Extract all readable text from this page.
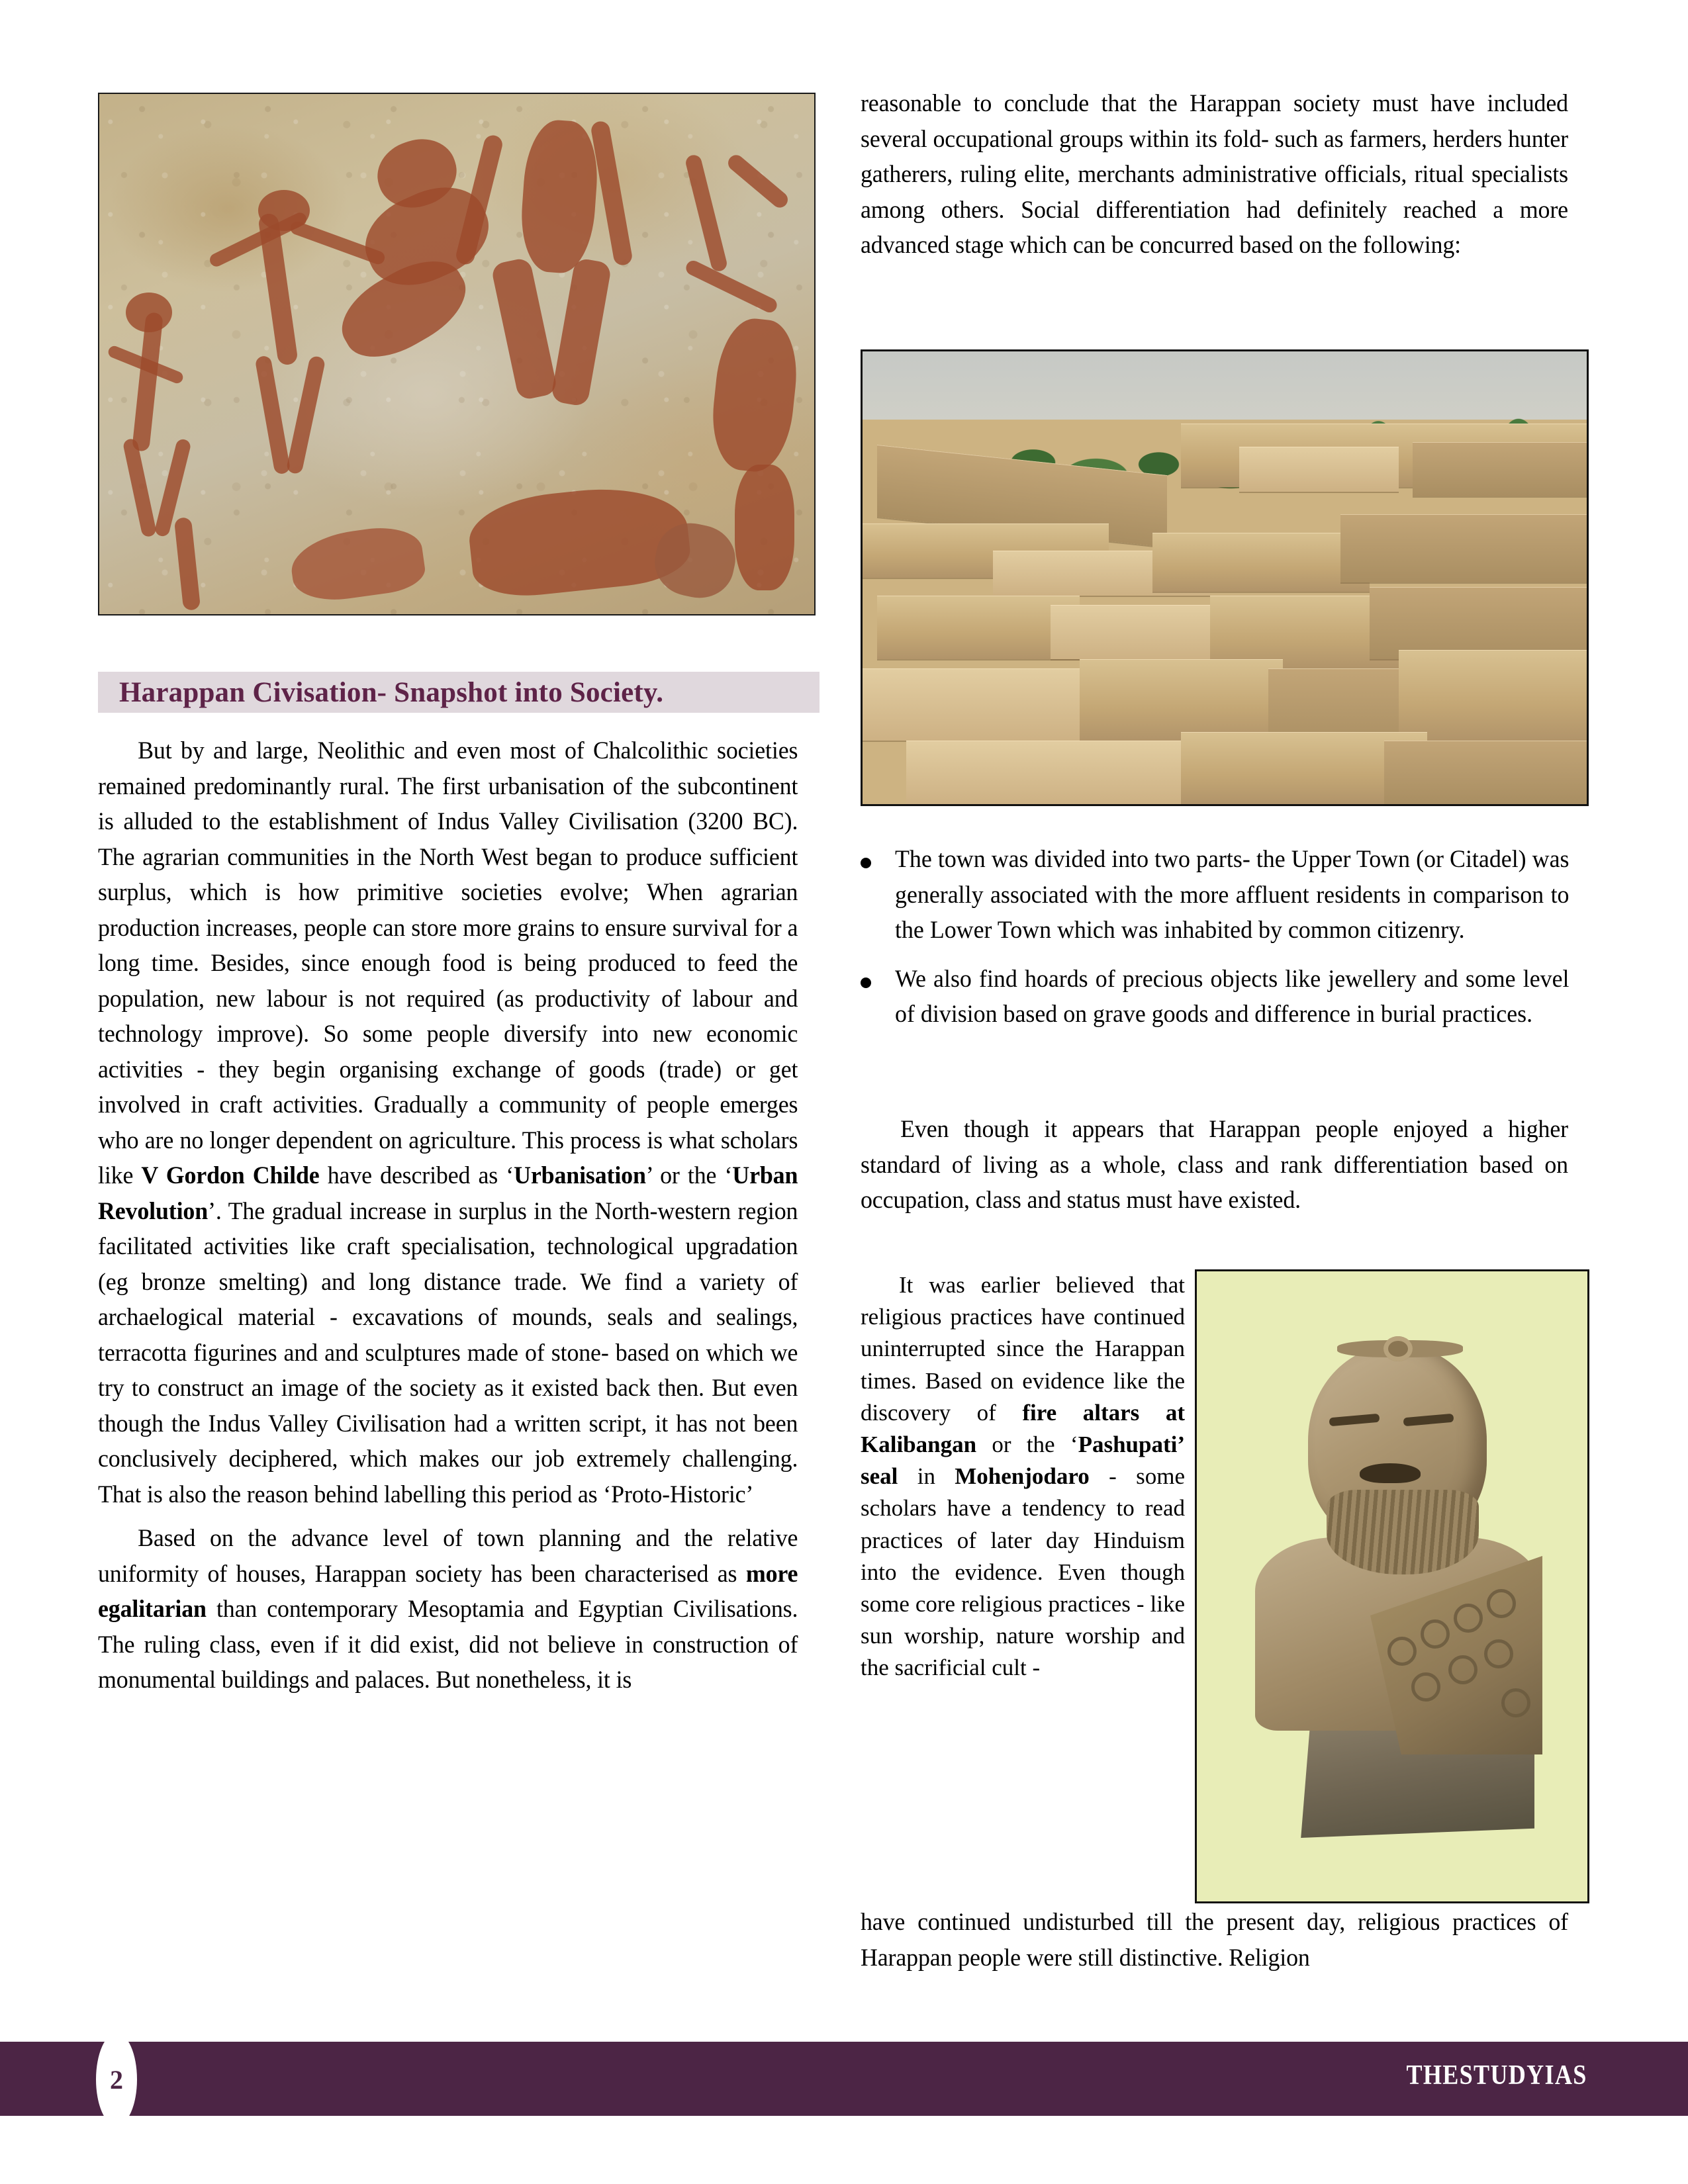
Harappan Civisation- Snapshot into Society.

But by and large, Neolithic and even most of Chalcolithic societies remained predominantly rural. The first urbanisation of the subcontinent is alluded to the establishment of Indus Valley Civilisation (3200 BC). The agrarian communities in the North West began to produce sufficient surplus, which is how primitive societies evolve; When agrarian production increases, people can store more grains to ensure survival for a long time. Besides, since enough food is being produced to feed the population, new labour is not required (as productivity of labour and technology improve). So some people diversify into new economic activities - they begin organising exchange of goods (trade) or get involved in craft activities. Gradually a community of people emerges who are no longer dependent on agriculture. This process is what scholars like V Gordon Childe have described as ‘Urbanisation’ or the ‘Urban Revolution’. The gradual increase in surplus in the North-western region facilitated activities like craft specialisation, technological upgradation (eg bronze smelting) and long distance trade. We find a variety of archaelogical material - excavations of mounds, seals and sealings, terracotta figurines and and sculptures made of stone- based on which we try to construct an image of the society as it existed back then. But even though the Indus Valley Civilisation had a written script, it has not been conclusively deciphered, which makes our job extremely challenging. That is also the reason behind labelling this period as ‘Proto-Historic’

Based on the advance level of town planning and the relative uniformity of houses, Harappan society has been characterised as more egalitarian than contemporary Mesoptamia and Egyptian Civilisations. The ruling class, even if it did exist, did not believe in construction of monumental buildings and palaces. But nonetheless, it is

reasonable to conclude that the Harappan society must have included several occupational groups within its fold- such as farmers, herders hunter gatherers, ruling elite, merchants administrative officials, ritual specialists among others. Social differentiation had definitely reached a more advanced stage which can be concurred based on the following:

The town was divided into two parts- the Upper Town (or Citadel) was generally associated with the more affluent residents in comparison to the Lower Town which was inhabited by common citizenry.
We also find hoards of precious objects like jewellery and some level of division based on grave goods and difference in burial practices.

Even though it appears that Harappan people enjoyed a higher standard of living as a whole, class and rank differentiation based on occupation, class and status must have existed.

It was earlier believed that religious practices have continued uninterrupted since the Harappan times. Based on evidence like the discovery of fire altars at Kalibangan or the ‘Pashupati’ seal in Mohenjodaro - some scholars have a tendency to read practices of later day Hinduism into the evidence. Even though some core religious practices - like sun worship, nature worship and the sacrificial cult -

have continued undisturbed till the present day, religious practices of Harappan people were still distinctive. Religion

2	THESTUDYIAS
